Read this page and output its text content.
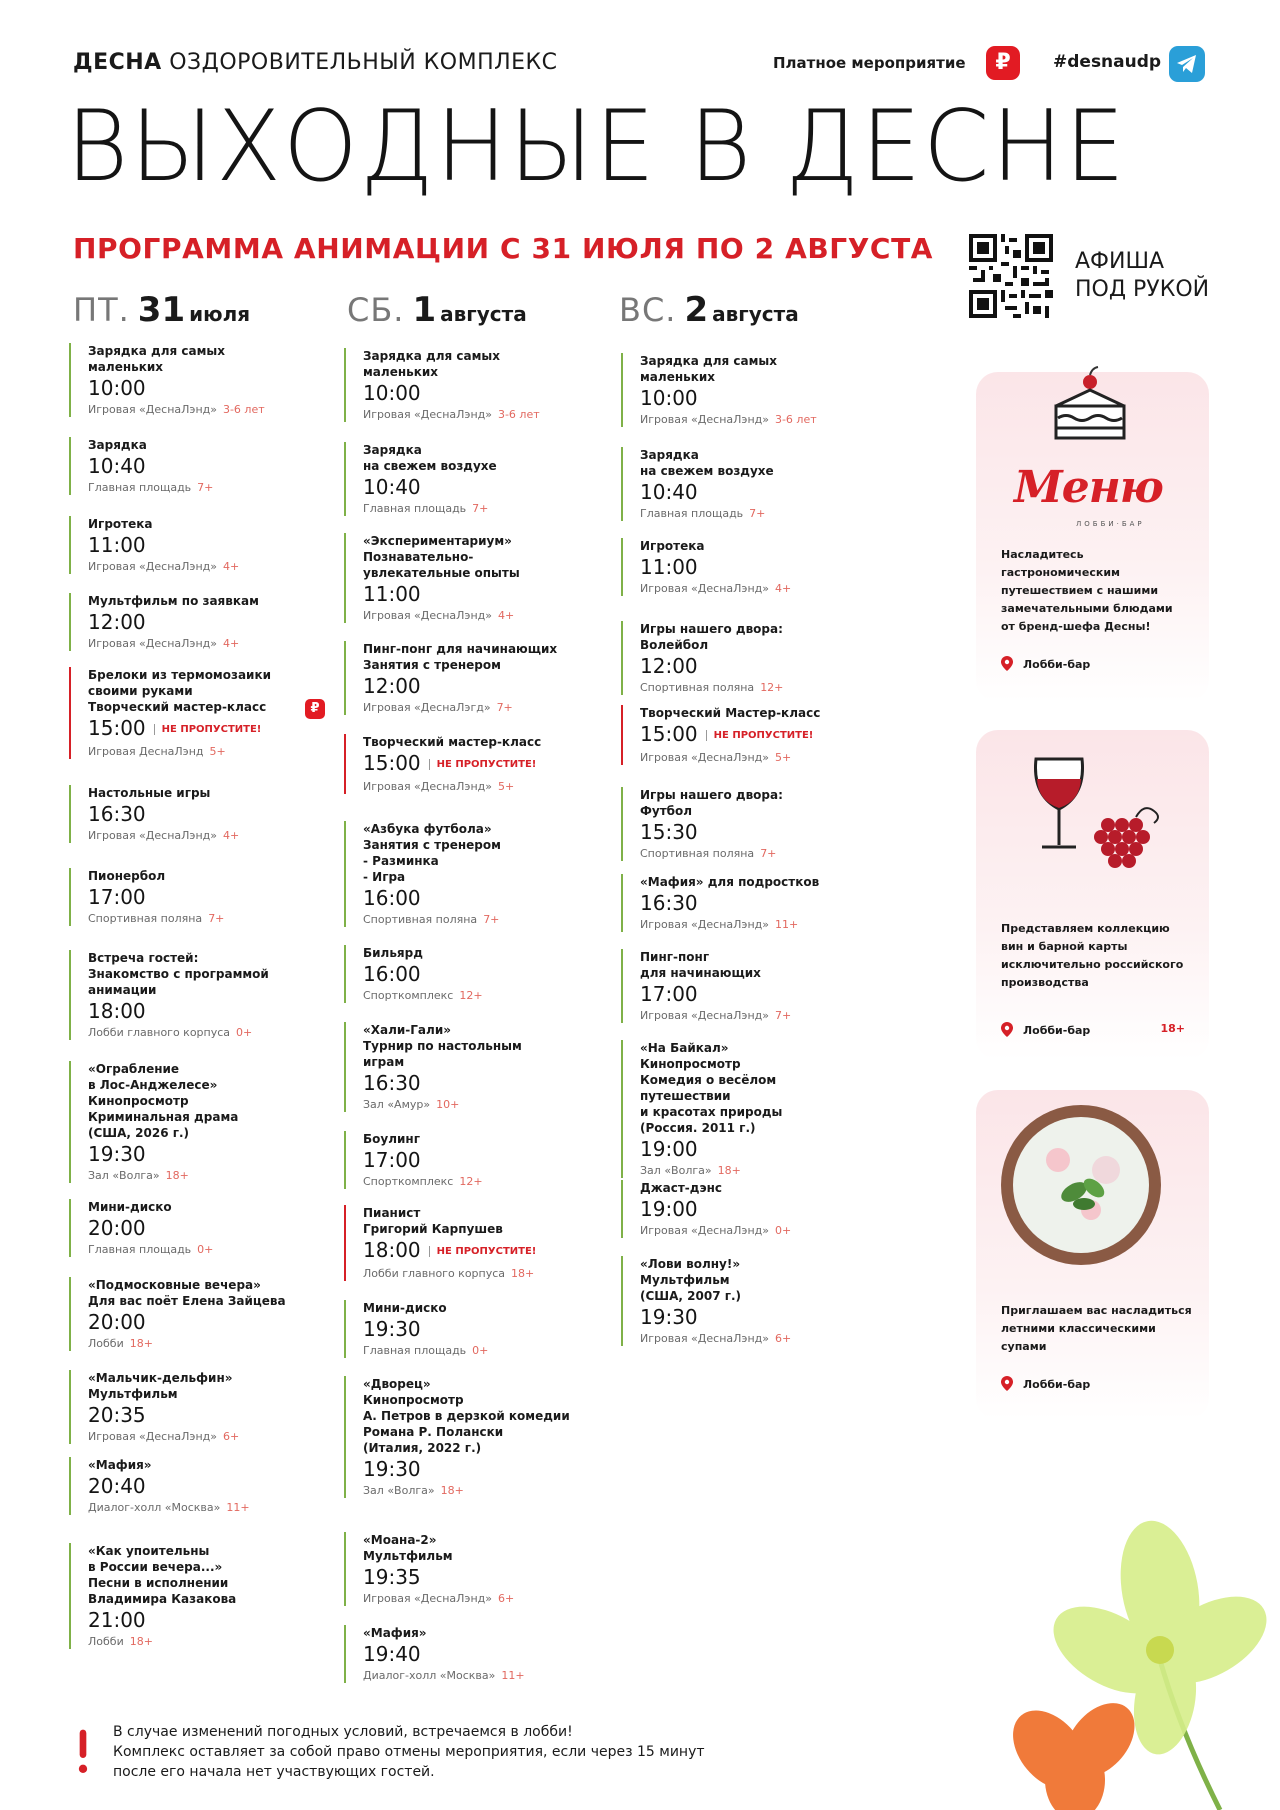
ДЕСНА ОЗДОРОВИТЕЛЬНЫЙ КОМПЛЕКС	Платное мероприятие	₽	#desnaudp
ВЫХОДНЫЕ В ДЕСНЕ
ПРОГРАММА АНИМАЦИИ С 31 ИЮЛЯ ПО 2 АВГУСТА	АФИША
ПОД РУКОЙ
ПТ. 31 июля	СБ. 1 августа	ВС. 2 августа
Зарядка для самых
маленьких
10:00
Игровая «ДеснаЛэнд» 3-6 лет
Зарядка
10:40
Главная площадь 7+
Игротека
11:00
Игровая «ДеснаЛэнд» 4+
Мультфильм по заявкам
12:00
Игровая «ДеснаЛэнд» 4+
Брелоки из термомозаики
своими руками
Творческий мастер-класс
15:00 НЕ ПРОПУСТИТЕ!
Игровая ДеснаЛэнд 5+
₽
Настольные игры
16:30
Игровая «ДеснаЛэнд» 4+
Пионербол
17:00
Спортивная поляна 7+
Встреча гостей:
Знакомство с программой
анимации
18:00
Лобби главного корпуса 0+
«Ограбление
в Лос-Анджелесе»
Кинопросмотр
Криминальная драма
(США, 2026 г.)
19:30
Зал «Волга» 18+
Мини-диско
20:00
Главная площадь 0+
«Подмосковные вечера»
Для вас поёт Елена Зайцева
20:00
Лобби 18+
«Мальчик-дельфин»
Мультфильм
20:35
Игровая «ДеснаЛэнд» 6+
«Мафия»
20:40
Диалог-холл «Москва» 11+
«Как упоительны
в России вечера...»
Песни в исполнении
Владимира Казакова
21:00
Лобби 18+
Зарядка для самых
маленьких
10:00
Игровая «ДеснаЛэнд» 3-6 лет
Зарядка
на свежем воздухе
10:40
Главная площадь 7+
«Экспериментариум»
Познавательно-
увлекательные опыты
11:00
Игровая «ДеснаЛэнд» 4+
Пинг-понг для начинающих
Занятия с тренером
12:00
Игровая «ДеснаЛэгд» 7+
Творческий мастер-класс
15:00 НЕ ПРОПУСТИТЕ!
Игровая «ДеснаЛэнд» 5+
«Азбука футбола»
Занятия с тренером
- Разминка
- Игра
16:00
Спортивная поляна 7+
Бильярд
16:00
Спорткомплекс 12+
«Хали-Гали»
Турнир по настольным
играм
16:30
Зал «Амур» 10+
Боулинг
17:00
Спорткомплекс 12+
Пианист
Григорий Карпушев
18:00 НЕ ПРОПУСТИТЕ!
Лобби главного корпуса 18+
Мини-диско
19:30
Главная площадь 0+
«Дворец»
Кинопросмотр
А. Петров в дерзкой комедии
Романа Р. Полански
(Италия, 2022 г.)
19:30
Зал «Волга» 18+
«Моана-2»
Мультфильм
19:35
Игровая «ДеснаЛэнд» 6+
«Мафия»
19:40
Диалог-холл «Москва» 11+
Зарядка для самых
маленьких
10:00
Игровая «ДеснаЛэнд» 3-6 лет
Зарядка
на свежем воздухе
10:40
Главная площадь 7+
Игротека
11:00
Игровая «ДеснаЛэнд» 4+
Игры нашего двора:
Волейбол
12:00
Спортивная поляна 12+
Творческий Мастер-класс
15:00 НЕ ПРОПУСТИТЕ!
Игровая «ДеснаЛэнд» 5+
Игры нашего двора:
Футбол
15:30
Спортивная поляна 7+
«Мафия» для подростков
16:30
Игровая «ДеснаЛэнд» 11+
Пинг-понг
для начинающих
17:00
Игровая «ДеснаЛэнд» 7+
«На Байкал»
Кинопросмотр
Комедия о весёлом путешествии
и красотах природы
(Россия. 2011 г.)
19:00
Зал «Волга» 18+
Джаст-дэнс
19:00
Игровая «ДеснаЛэнд» 0+
«Лови волну!»
Мультфильм
(США, 2007 г.)
19:30
Игровая «ДеснаЛэнд» 6+
Меню
ЛОББИ·БАР
Насладитесь
гастрономическим
путешествием с нашими
замечательными блюдами
от бренд-шефа Десны!
Лобби-бар
Представляем коллекцию
вин и барной карты
исключительно российского
производства
Лобби-бар	18+
Приглашаем вас насладиться
летними классическими
супами
Лобби-бар
В случае изменений погодных условий, встречаемся в лобби!
Комплекс оставляет за собой право отмены мероприятия, если через 15 минут
после его начала нет участвующих гостей.
